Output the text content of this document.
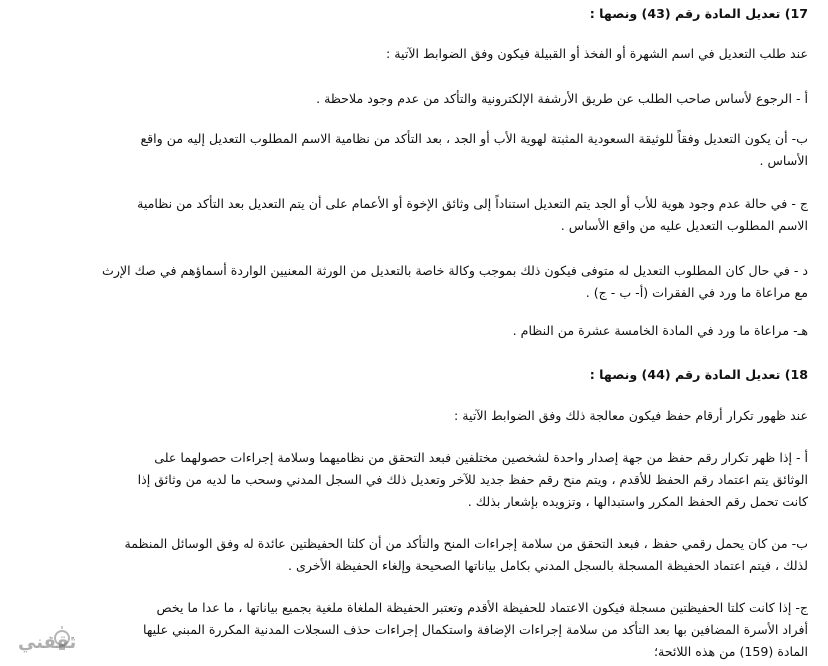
17) تعديل المادة رقم (43) ونصها :

عند طلب التعديل في اسم الشهرة أو الفخذ أو القبيلة فيكون وفق الضوابط الآتية :

أ - الرجوع لأساس صاحب الطلب عن طريق الأرشفة الإلكترونية والتأكد من عدم وجود ملاحظة .

ب- أن يكون التعديل وفقاً للوثيقة السعودية المثبتة لهوية الأب أو الجد ، بعد التأكد من نظامية الاسم المطلوب التعديل إليه من واقع

الأساس .

ج - في حالة عدم وجود هوية للأب أو الجد يتم التعديل استناداً إلى وثائق الإخوة أو الأعمام على أن يتم التعديل بعد التأكد من نظامية

الاسم المطلوب التعديل عليه من واقع الأساس .

د - في حال كان المطلوب التعديل له متوفى فيكون ذلك بموجب وكالة خاصة بالتعديل من الورثة المعنيين الواردة أسماؤهم في صك الإرث

مع مراعاة ما ورد في الفقرات (أ- ب - ج) .

هـ- مراعاة ما ورد في المادة الخامسة عشرة من النظام .

18) تعديل المادة رقم (44) ونصها :

عند ظهور تكرار أرقام حفظ فيكون معالجة ذلك وفق الضوابط الآتية :

أ - إذا ظهر تكرار رقم حفظ من جهة إصدار واحدة لشخصين مختلفين فبعد التحقق من نظاميهما وسلامة إجراءات حصولهما على

الوثائق يتم اعتماد رقم الحفظ للأقدم ، ويتم منح رقم حفظ جديد للآخر وتعديل ذلك في السجل المدني وسحب ما لديه من وثائق إذا

كانت تحمل رقم الحفظ المكرر واستبدالها ، وتزويده بإشعار بذلك .

ب- من كان يحمل رقمي حفظ ، فبعد التحقق من سلامة إجراءات المنح والتأكد من أن كلتا الحفيظتين عائدة له وفق الوسائل المنظمة

لذلك ، فيتم اعتماد الحفيظة المسجلة بالسجل المدني بكامل بياناتها الصحيحة وإلغاء الحفيظة الأخرى .

ج- إذا كانت كلتا الحفيظتين مسجلة فيكون الاعتماد للحفيظة الأقدم وتعتبر الحفيظة الملغاة ملغية بجميع بياناتها ، ما عدا ما يخص

أفراد الأسرة المضافين بها بعد التأكد من سلامة إجراءات الإضافة واستكمال إجراءات حذف السجلات المدنية المكررة المبني عليها

المادة (159) من هذه اللائحة؛

ثقفني
